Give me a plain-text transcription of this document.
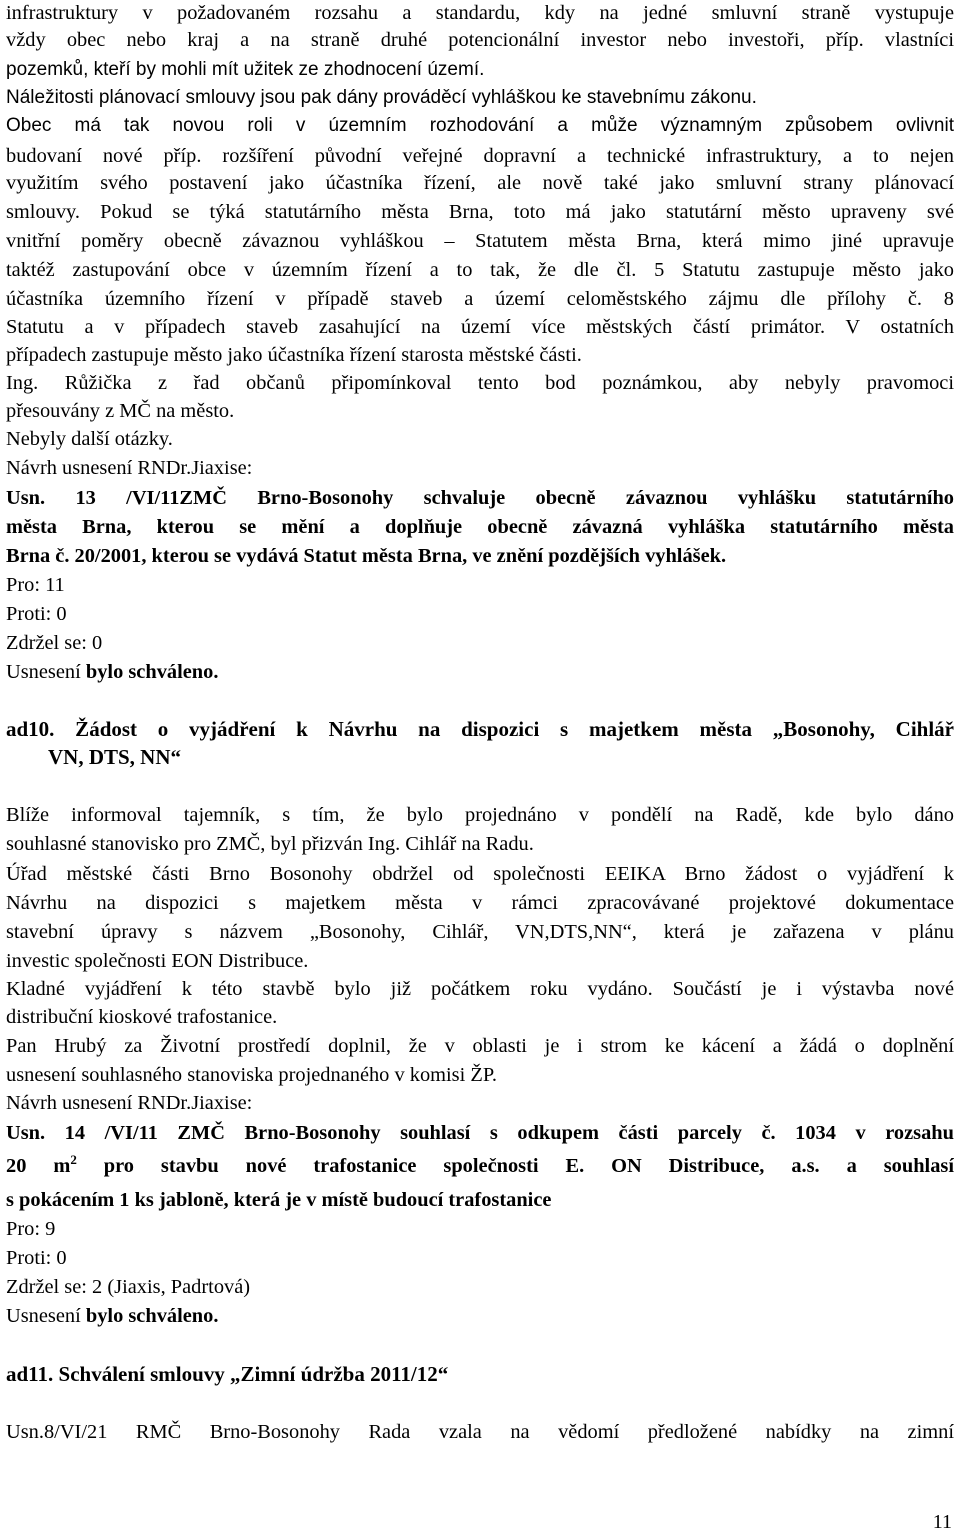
infrastruktury v požadovaném rozsahu a standardu, kdy na jedné smluvní straně vystupuje
vždy obec nebo kraj a na straně druhé potencionální investor nebo investoři, příp. vlastníci
pozemků, kteří by mohli mít užitek ze zhodnocení území.
Náležitosti plánovací smlouvy jsou pak dány prováděcí vyhláškou ke stavebnímu zákonu.
Obec má tak novou roli v územním rozhodování a může významným způsobem ovlivnit
budovaní nové příp. rozšíření původní veřejné dopravní a technické infrastruktury, a to nejen
využitím svého postavení jako účastníka řízení, ale nově také jako smluvní strany plánovací
smlouvy. Pokud se týká statutárního města Brna, toto má jako statutární město upraveny své
vnitřní poměry obecně závaznou vyhláškou – Statutem města Brna, která mimo jiné upravuje
taktéž zastupování obce v územním řízení a to tak, že dle čl. 5 Statutu zastupuje město jako
účastníka územního řízení v případě staveb a území celoměstského zájmu dle přílohy č. 8
Statutu a v případech staveb zasahující na území více městských částí primátor. V ostatních
případech zastupuje město jako účastníka řízení starosta městské části.
Ing. Růžička z řad občanů připomínkoval tento bod poznámkou, aby nebyly pravomoci
přesouvány z MČ na město.
Nebyly další otázky.
Návrh usnesení RNDr.Jiaxise:
Usn. 13 /VI/11ZMČ Brno-Bosonohy schvaluje obecně závaznou vyhlášku statutárního
města Brna, kterou se mění a doplňuje obecně závazná vyhláška statutárního města
Brna č. 20/2001, kterou se vydává Statut města Brna, ve znění pozdějších vyhlášek.
Pro: 11
Proti: 0
Zdržel se: 0
Usnesení bylo schváleno.
ad10. Žádost o vyjádření k Návrhu na dispozici s majetkem města „Bosonohy, Cihlář
VN, DTS, NN“
Blíže informoval tajemník, s tím, že bylo projednáno v pondělí na Radě, kde bylo dáno
souhlasné stanovisko pro ZMČ, byl přizván Ing. Cihlář na Radu.
Úřad městské části Brno Bosonohy obdržel od společnosti EEIKA Brno žádost o vyjádření k
Návrhu na dispozici s majetkem města v rámci zpracovávané projektové dokumentace
stavební úpravy s názvem „Bosonohy, Cihlář, VN,DTS,NN“, která je zařazena v plánu
investic společnosti EON Distribuce.
Kladné vyjádření k této stavbě bylo již počátkem roku vydáno. Součástí je i výstavba nové
distribuční kioskové trafostanice.
Pan Hrubý za Životní prostředí doplnil, že v oblasti je i strom ke kácení a žádá o doplnění
usnesení souhlasného stanoviska projednaného v komisi ŽP.
Návrh usnesení RNDr.Jiaxise:
Usn. 14 /VI/11 ZMČ Brno-Bosonohy souhlasí s odkupem části parcely č. 1034 v rozsahu
20 $m^2$ pro stavbu nové trafostanice společnosti E. ON Distribuce, a.s. a souhlasí
s pokácením 1 ks jabloně, která je v místě budoucí trafostanice
Pro: 9
Proti: 0
Zdržel se: 2 (Jiaxis, Padrtová)
Usnesení bylo schváleno.
ad11. Schválení smlouvy „Zimní údržba 2011/12“
Usn.8/VI/21 RMČ Brno-Bosonohy Rada vzala na vědomí předložené nabídky na zimní
11
